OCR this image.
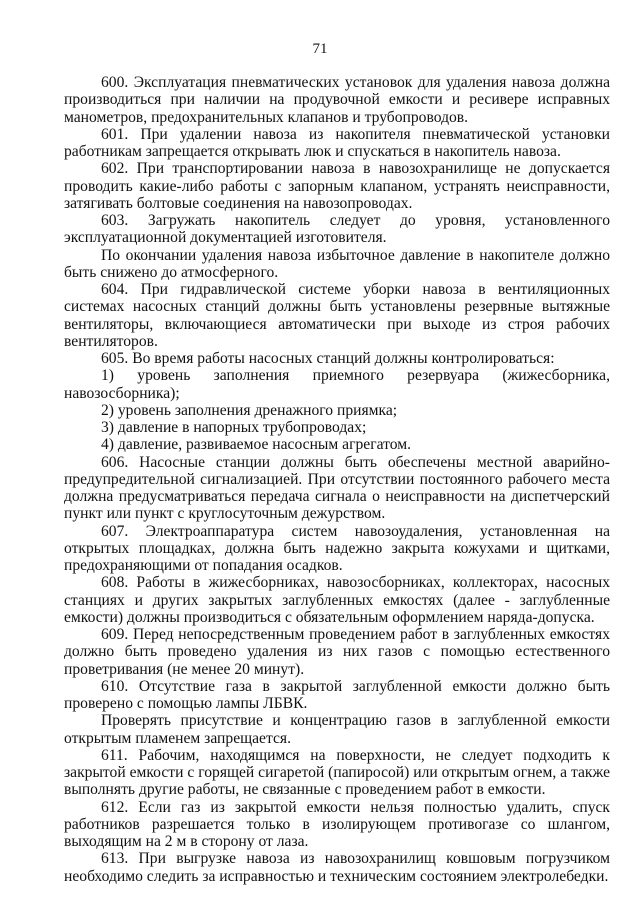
71

600. Эксплуатация пневматических установок для удаления навоза должна производиться при наличии на продувочной емкости и ресивере исправных манометров, предохранительных клапанов и трубопроводов.

601. При удалении навоза из накопителя пневматической установки работникам запрещается открывать люк и спускаться в накопитель навоза.

602. При транспортировании навоза в навозохранилище не допускается проводить какие-либо работы с запорным клапаном, устранять неисправности, затягивать болтовые соединения на навозопроводах.

603. Загружать накопитель следует до уровня, установленного эксплуатационной документацией изготовителя.

По окончании удаления навоза избыточное давление в накопителе должно быть снижено до атмосферного.

604. При гидравлической системе уборки навоза в вентиляционных системах насосных станций должны быть установлены резервные вытяжные вентиляторы, включающиеся автоматически при выходе из строя рабочих вентиляторов.

605. Во время работы насосных станций должны контролироваться:

1) уровень заполнения приемного резервуара (жижесборника, навозосборника);

2) уровень заполнения дренажного приямка;

3) давление в напорных трубопроводах;

4) давление, развиваемое насосным агрегатом.

606. Насосные станции должны быть обеспечены местной аварийно-предупредительной сигнализацией. При отсутствии постоянного рабочего места должна предусматриваться передача сигнала о неисправности на диспетчерский пункт или пункт с круглосуточным дежурством.

607. Электроаппаратура систем навозоудаления, установленная на открытых площадках, должна быть надежно закрыта кожухами и щитками, предохраняющими от попадания осадков.

608. Работы в жижесборниках, навозосборниках, коллекторах, насосных станциях и других закрытых заглубленных емкостях (далее - заглубленные емкости) должны производиться с обязательным оформлением наряда-допуска.

609. Перед непосредственным проведением работ в заглубленных емкостях должно быть проведено удаления из них газов с помощью естественного проветривания (не менее 20 минут).

610. Отсутствие газа в закрытой заглубленной емкости должно быть проверено с помощью лампы ЛБВК.

Проверять присутствие и концентрацию газов в заглубленной емкости открытым пламенем запрещается.

611. Рабочим, находящимся на поверхности, не следует подходить к закрытой емкости с горящей сигаретой (папиросой) или открытым огнем, а также выполнять другие работы, не связанные с проведением работ в емкости.

612. Если газ из закрытой емкости нельзя полностью удалить, спуск работников разрешается только в изолирующем противогазе со шлангом, выходящим на 2 м в сторону от лаза.

613. При выгрузке навоза из навозохранилищ ковшовым погрузчиком необходимо следить за исправностью и техническим состоянием электролебедки.
